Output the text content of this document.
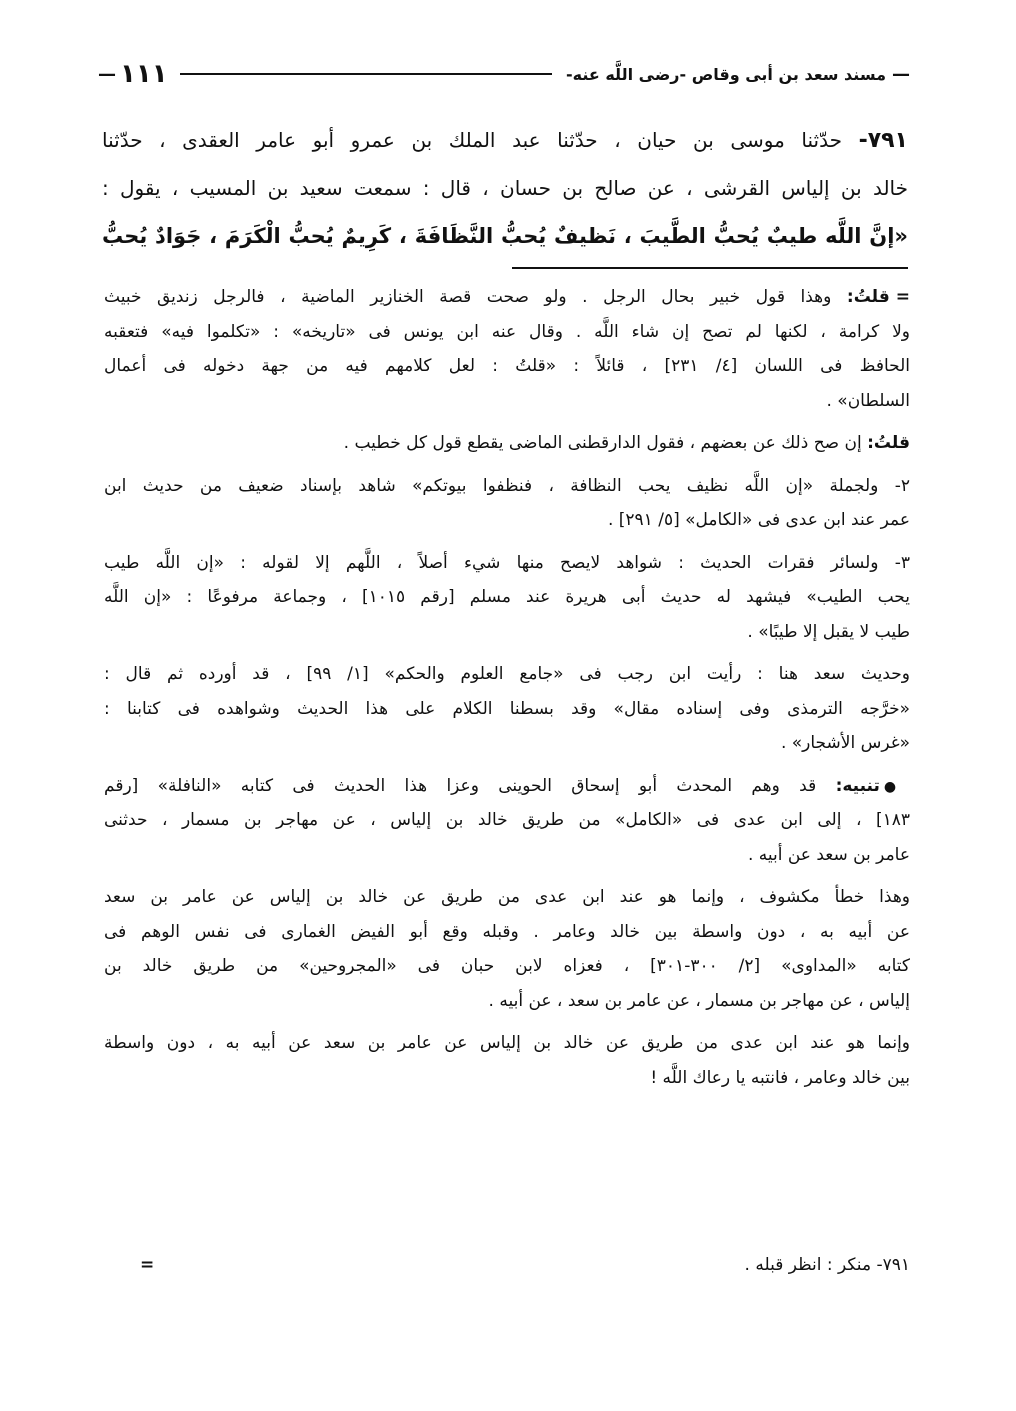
—
مسند سعد بن أبى وقاص -رضى اللَّه عنه-
١١١
—
٧٩١- حدّثنا موسى بن حيان ، حدّثنا عبد الملك بن عمرو أبو عامر العقدى ، حدّثنا
خالد بن إلياس القرشى ، عن صالح بن حسان ، قال : سمعت سعيد بن المسيب ، يقول :
«إنَّ اللَّه طيبٌ يُحبُّ الطَّيبَ ، نَظيفٌ يُحبُّ النَّظَافَةَ ، كَرِيمٌ يُحبُّ الْكَرَمَ ، جَوَادٌ يُحبُّ
=قلتُ: وهذا قول خبير بحال الرجل . ولو صحت قصة الخنازير الماضية ، فالرجل زنديق خبيث
ولا كرامة ، لكنها لم تصح إن شاء اللَّه . وقال عنه ابن يونس فى «تاريخه» : «تكلموا فيه» فتعقبه
الحافظ فى اللسان [٤/ ٢٣١] ، قائلاً : «قلتُ : لعل كلامهم فيه من جهة دخوله فى أعمال
السلطان» .
قلتُ: إن صح ذلك عن بعضهم ، فقول الدارقطنى الماضى يقطع قول كل خطيب .
٢- ولجملة «إن اللَّه نظيف يحب النظافة ، فنظفوا بيوتكم» شاهد بإسناد ضعيف من حديث ابن
عمر عند ابن عدى فى «الكامل» [٥/ ٢٩١] .
٣- ولسائر فقرات الحديث : شواهد لايصح منها شيء أصلاً ، اللَّهم إلا لقوله : «إن اللَّه طيب
يحب الطيب» فيشهد له حديث أبى هريرة عند مسلم [رقم ١٠١٥] ، وجماعة مرفوعًا : «إن اللَّه
طيب لا يقبل إلا طيبًا» .
وحديث سعد هنا : رأيت ابن رجب فى «جامع العلوم والحكم» [١/ ٩٩] ، قد أورده ثم قال :
«خرَّجه الترمذى وفى إسناده مقال» وقد بسطنا الكلام على هذا الحديث وشواهده فى كتابنا :
«غرس الأشجار» .
●تنبيه: قد وهم المحدث أبو إسحاق الحوينى وعزا هذا الحديث فى كتابه «النافلة» [رقم
١٨٣] ، إلى ابن عدى فى «الكامل» من طريق خالد بن إلياس ، عن مهاجر بن مسمار ، حدثنى
عامر بن سعد عن أبيه .
وهذا خطأ مكشوف ، وإنما هو عند ابن عدى من طريق عن خالد بن إلياس عن عامر بن سعد
عن أبيه به ، دون واسطة بين خالد وعامر . وقبله وقع أبو الفيض الغمارى فى نفس الوهم فى
كتابه «المداوى» [٢/ ٣٠٠-٣٠١] ، فعزاه لابن حبان فى «المجروحين» من طريق خالد بن
إلياس ، عن مهاجر بن مسمار ، عن عامر بن سعد ، عن أبيه .
وإنما هو عند ابن عدى من طريق عن خالد بن إلياس عن عامر بن سعد عن أبيه به ، دون واسطة
بين خالد وعامر ، فانتبه يا رعاك اللَّه !
٧٩١- منكر : انظر قبله .
=
